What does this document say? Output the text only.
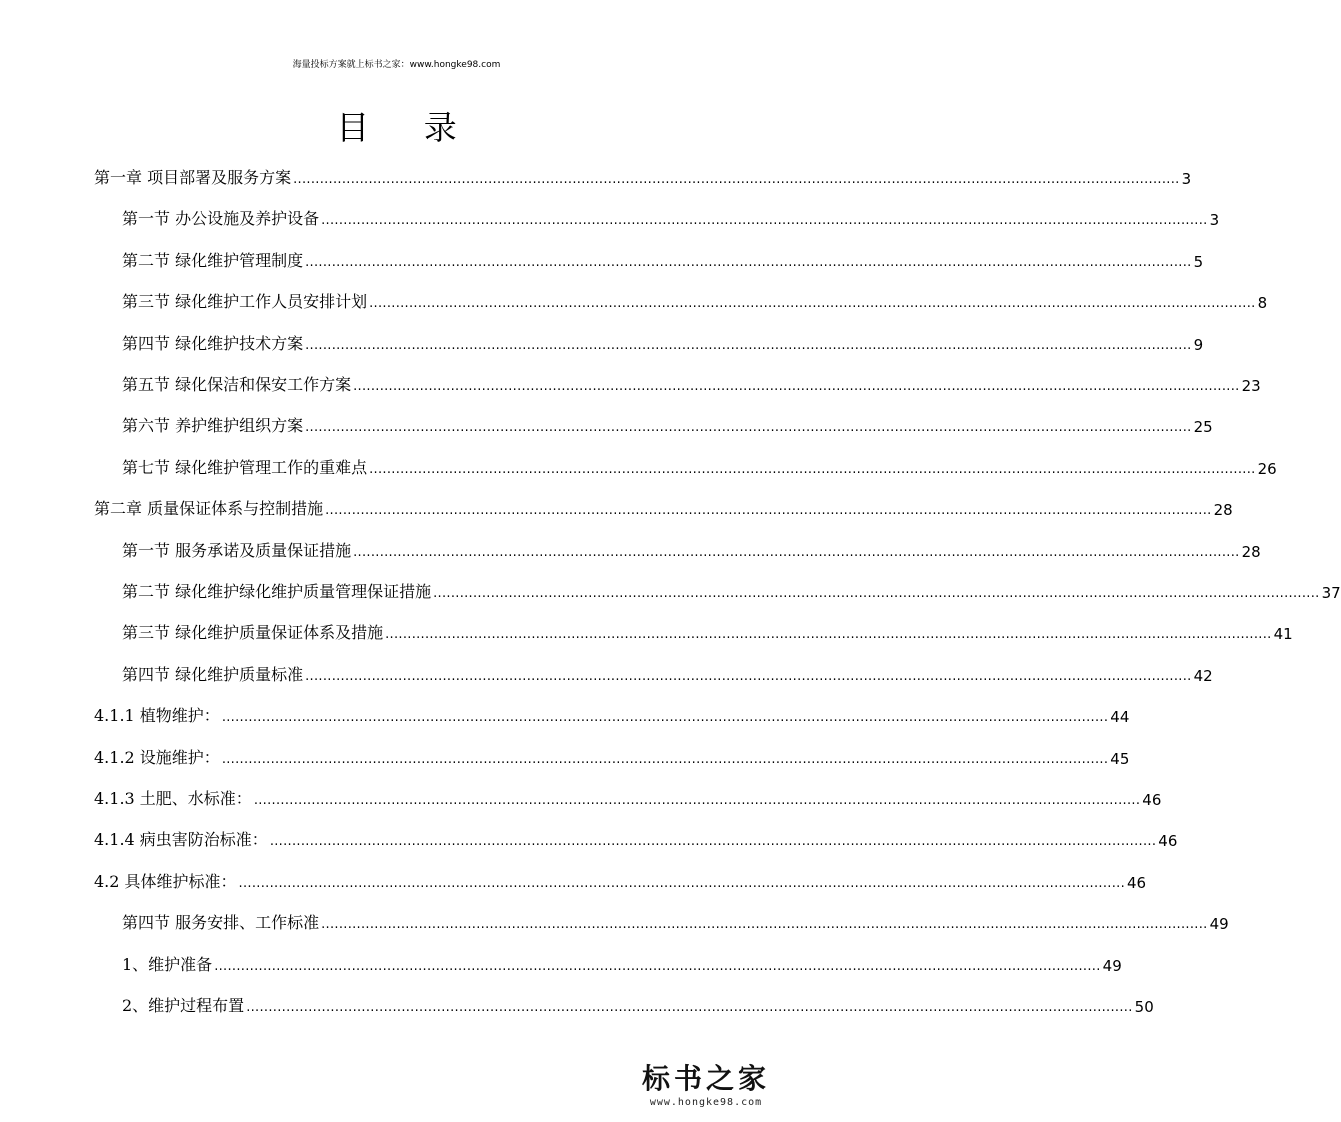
海量投标方案就上标书之家：www.hongke98.com
目 录
第一章 项目部署及服务方案 ........................................................................................................................................................................................................ 3
第一节 办公设施及养护设备 ........................................................................................................................................................................................................ 3
第二节 绿化维护管理制度 ........................................................................................................................................................................................................ 5
第三节 绿化维护工作人员安排计划 ........................................................................................................................................................................................................ 8
第四节 绿化维护技术方案 ........................................................................................................................................................................................................ 9
第五节 绿化保洁和保安工作方案 ........................................................................................................................................................................................................ 23
第六节 养护维护组织方案 ........................................................................................................................................................................................................ 25
第七节 绿化维护管理工作的重难点 ........................................................................................................................................................................................................ 26
第二章 质量保证体系与控制措施 ........................................................................................................................................................................................................ 28
第一节 服务承诺及质量保证措施 ........................................................................................................................................................................................................ 28
第二节 绿化维护绿化维护质量管理保证措施 ........................................................................................................................................................................................................ 37
第三节 绿化维护质量保证体系及措施 ........................................................................................................................................................................................................ 41
第四节 绿化维护质量标准 ........................................................................................................................................................................................................ 42
4.1.1 植物维护： ........................................................................................................................................................................................................ 44
4.1.2 设施维护： ........................................................................................................................................................................................................ 45
4.1.3 土肥、水标准： ........................................................................................................................................................................................................ 46
4.1.4 病虫害防治标准： ........................................................................................................................................................................................................ 46
4.2 具体维护标准： ........................................................................................................................................................................................................ 46
第四节 服务安排、工作标准 ........................................................................................................................................................................................................ 49
1、维护准备 ........................................................................................................................................................................................................ 49
2、维护过程布置 ........................................................................................................................................................................................................ 50
标书之家
www.hongke98.com
